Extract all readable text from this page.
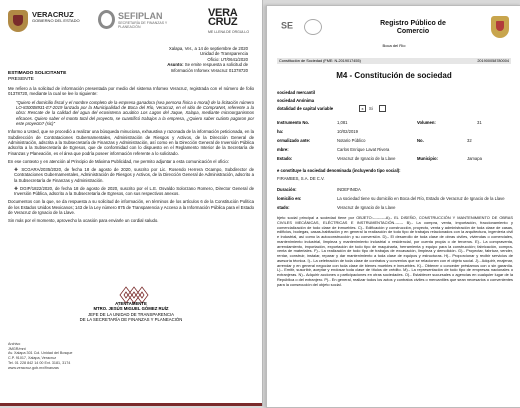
VERACRUZ
GOBIERNO DEL ESTADO	SEFIPLAN
SECRETARÍA DE FINANZAS Y PLANEACIÓN
VERA CRUZ
ME LLENA DE ORGULLO
Xalapa, Ver., a 14 de septiembre de 2020
Unidad de Transparencia
Oficio: UT/0641/2020
Asunto: Se emite respuesta a solicitud de
Información Infomex Veracruz 01378720
ESTIMADO SOLICITANTE
PRESENTE

Me refiero a la solicitud de información presentada por medio del sistema Infomex Veracruz, registrada con el número de folio 01378720, mediante la cual se lee lo siguiente:

"Quiero el domicilio fiscal y el nombre completo de la empresa ganadora (sea persona física o moral) de la licitación número LO-830008931-E7-2019 lanzada por la Municipalidad de Boca del Río, Veracruz, en el sitio de CompraNet, referente a la obra: Rescate de la calidad del agua del ecosistema acuático Los Lagos del Jaque, Xalapa, mediante microorganismos eficaces. Quiero saber el monto total del proyecto, se cuantificó trabajos a la empresa, ¿Quiero saber cuánto pagaron por este proyecto? (sic)"

Informo a Usted, que se procedió a realizar una búsqueda minuciosa, exhaustiva y razonada de la información peticionada, en la Subdirección de Contrataciones Gubernamentales, Administración de Riesgos y Activos, de la Dirección General de Administración, adscrita a la Subsecretaría de Finanzas y Administración, así como en la Dirección General de Inversión Pública adscrita a la Subsecretaría de Egresos, que de conformidad con lo dispuesto en el Reglamento Interior de la Secretaría de Finanzas y Planeación, es el área que podría poseer información referente a lo solicitado.

En ese contexto y en atención al Principio de Máxima Publicidad, me permito adjuntar a esta comunicación el oficio:

❖ SCGARA/2035/2020, de fecha 18 de agosto de 2020, suscrito por Lic. Rosendo Herrera Ocampo, Subdirector de Contrataciones Gubernamentales, Administración de Riesgos y Activos, de la Dirección General de Administración, adscrito a la Subsecretaría de Finanzas y Administración.

❖ DGIP/1822/2020, de fecha 18 de agosto de 2020, suscrito por el L.E. Osvaldo Solorzano Romero, Director General de Inversión Pública, adscrito a la Subsecretaría de Egresos, con sus respectivos anexos.

Documentos con la que, se da respuesta a su solicitud de información, en términos de los artículos 6 de la Constitución Política de los Estados Unidos Mexicanos; 143 de la Ley número 875 de Transparencia y Acceso a la Información Pública para el Estado de Veracruz de Ignacio de la Llave.

Sin más por el momento, aprovecho la ocasión para enviarle un cordial saludo.

ATENTAMENTE
MTRO. JESÚS MIGUEL GÓMEZ RUÍZ
JEFE DE LA UNIDAD DE TRANSPARENCIA
DE LA SECRETARÍA DE FINANZAS Y PLANEACIÓN
Archivo
JMGR/mnt
Av. Xalapa 301 Col. Unidad del Bosque
C.P. 91017, Xalapa, Veracruz
Tel. 01 228 842 14 00 Ext. 3181, 3174
www.veracruz.gob.mx/finanzas
SE	Registro Público de
Comercio
Boca del Río
Constitución de Sociedad (FME: N-2019017455)	201900058780004
M4 - Constitución de sociedad
sociedad mercantil
sociedad Anónima
dotalidad de capital variable	x	Si
Instrumento No.	1,081	Volumen:	31
ha:	10/02/2019
ormalizado ante:	Notario Público	No.	32
mbre:	Carlos Enrique Lavat Rivera
Estado:	Veracruz de Ignacio de la Llave	Municipio:	Jamapa
e constituye la sociedad denominada (incluyendo tipo social):
FIRAMBES, S.A. DE C.V.
Duración:	INDEFINIDA
lomicilio en:	La sociedad tiene su domicilio en Boca del Río, Estado de Veracruz de Ignacio de la Llave
stado:	Veracruz de Ignacio de la Llave
bjeto social principal a sociedad tiene por OBJETO:----------A).- EL DISEÑO, CONSTRUCCIÓN Y MANTENIMIENTO DE OBRAS CIVILES MECÁNICAS, ELÉCTRICAS E INSTRUMENTACIÓN.------ B).- La compra, venta, importación, fraccionamiento y comercialización de todo clase de inmuebles. C).- Edificación y construcción, proyecto, venta y administración de toda clase de casas, edificios, bodegas, casas-habitación y en general la realización de todo tipo de trabajos relacionados con la arquitectura, ingeniería civil e industrial, así como la autoconstrucción y su conversión. D).- El desarrollo de toda clase de obras civiles, viviendas o comerciales, mantenimiento industrial, limpieza y mantenimiento industrial o residencial, por cuenta propia o de terceros. E).- La compraventa, arrendamiento, importación, exportación de todo tipo de maquinaria, herramienta y equipo para la construcción; fabricación, compra-venta de materiales. F).- La realización de todo tipo de trabajos de excavación, limpieza y demolición. G).- Proyectar, fabricar, vender, rentar, construir, instalar, reparar y dar mantenimiento a toda clase de equipos y estructuras. H).- Proporcionar y recibir servicios de asesoría técnica. I).- La celebración de toda clase de contratos y convenios que se relacionen con el objeto social. J).- Adquirir, enajenar, arrendar y en general negociar con toda clase de bienes muebles e inmuebles. K).- Obtener o conceder préstamos con o sin garantía. L).- Emitir, suscribir, aceptar y endosar toda clase de títulos de crédito. M).- La representación de todo tipo de empresas nacionales o extranjeras. N).- Adquirir acciones o participaciones en otras sociedades. O).- Establecer sucursales o agencias en cualquier lugar de la República o del extranjero. P).- En general, realizar todos los actos y contratos civiles o mercantiles que sean necesarios o convenientes para la consecución del objeto social.
